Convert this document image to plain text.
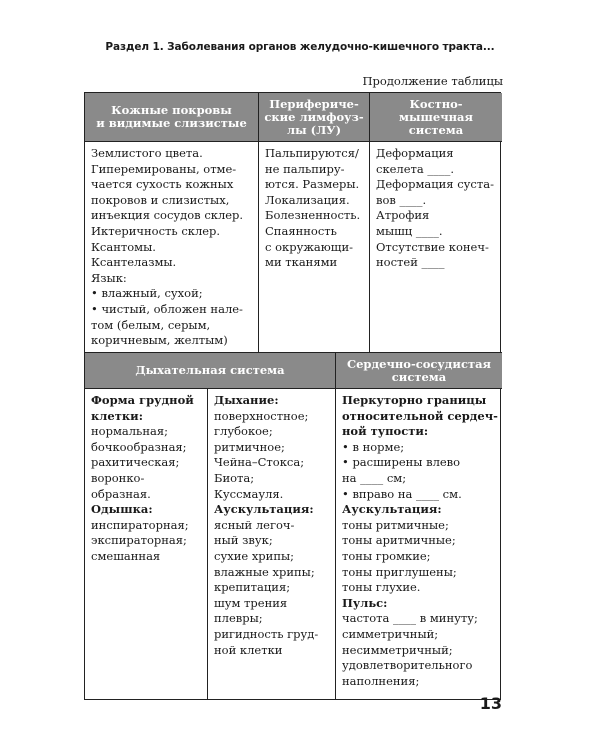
Раздел 1. Заболевания органов желудочно-кишечного тракта...
Продолжение таблицы
Кожные покровы
и видимые слизистые
Перифериче-
ские лимфоуз-
лы (ЛУ)
Костно-мышечная
система
Землистого цвета.
Гиперемированы, отме-
чается сухость кожных
покровов и слизистых,
инъекция сосудов склер.
Иктеричность склер.
Ксантомы.
Ксантелазмы.
Язык:
• влажный, сухой;
• чистый, обложен нале-
том (белым, серым,
коричневым, желтым)
Пальпируются/
не пальпиру-
ются. Размеры.
Локализация.
Болезненность.
Спаянность
с окружающи-
ми тканями
Деформация
скелета ____.
Деформация суста-
вов ____.
Атрофия
мышц ____.
Отсутствие конеч-
ностей ____
Дыхательная система	Сердечно-сосудистая
система
Форма грудной
клетки:
нормальная;
бочкообразная;
рахитическая;
воронко-
образная.
Одышка:
инспираторная;
экспираторная;
смешанная
Дыхание:
поверхностное;
глубокое;
ритмичное;
Чейна–Стокса;
Биота;
Куссмауля.
Аускультация:
ясный легоч-
ный звук;
сухие хрипы;
влажные хрипы;
крепитация;
шум трения
плевры;
ригидность груд-
ной клетки
Перкуторно границы
относительной сердеч-
ной тупости:
• в норме;
• расширены влево
на ____ см;
• вправо на ____ см.
Аускультация:
тоны ритмичные;
тоны аритмичные;
тоны громкие;
тоны приглушены;
тоны глухие.
Пульс:
частота ____ в минуту;
симметричный;
несимметричный;
удовлетворительного
наполнения;
13
